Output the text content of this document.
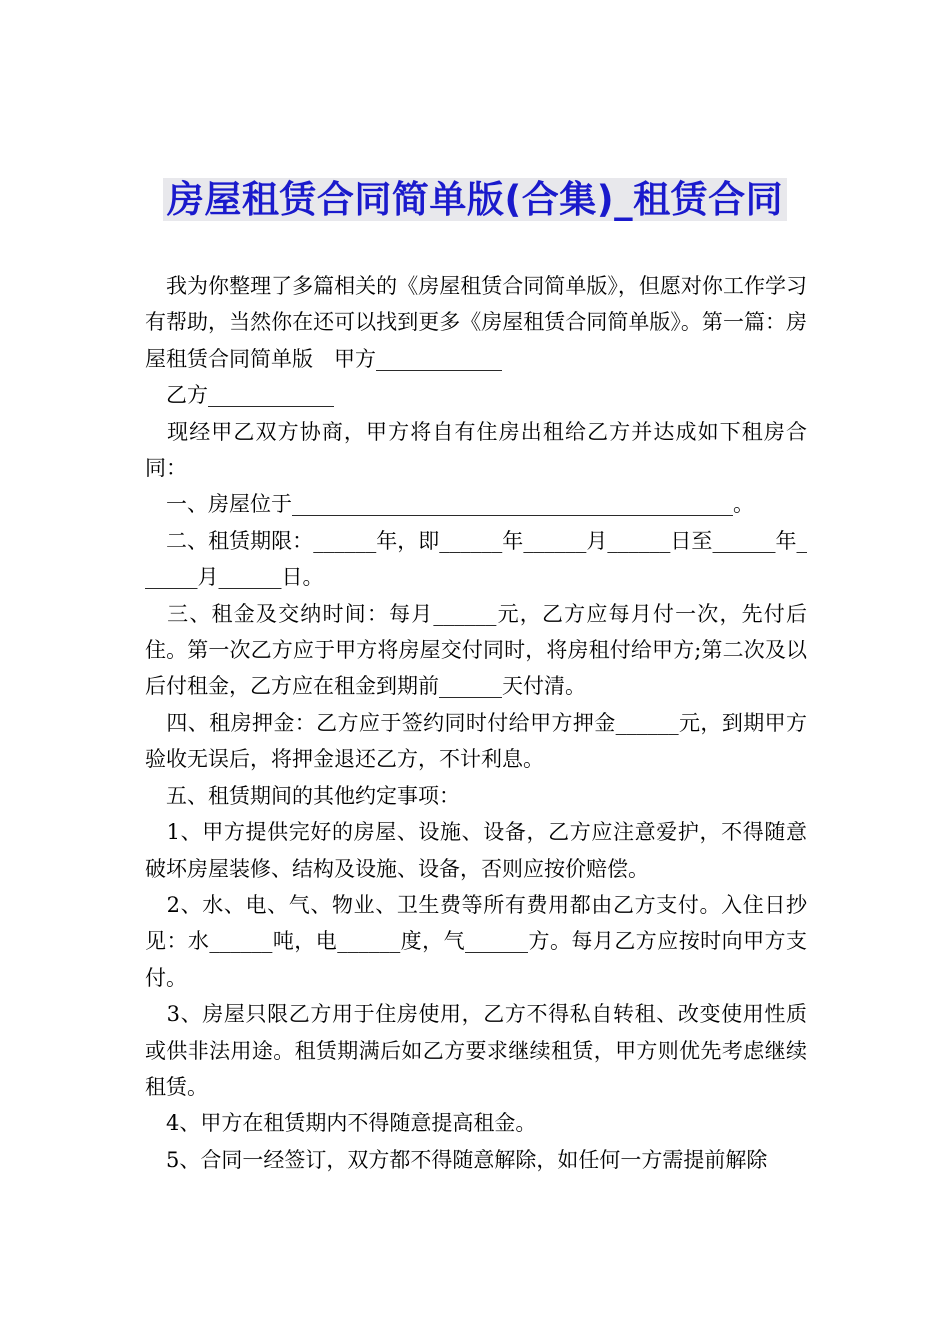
房屋租赁合同简单版(合集)_租赁合同

　我为你整理了多篇相关的《房屋租赁合同简单版》，但愿对你工作学习有帮助，当然你在还可以找到更多《房屋租赁合同简单版》。第一篇：房屋租赁合同简单版　甲方____________

　乙方____________

　现经甲乙双方协商，甲方将自有住房出租给乙方并达成如下租房合同：

　一、房屋位于__________________________________________。

　二、租赁期限：______年，即______年______月______日至______年______月______日。

　三、租金及交纳时间：每月______元，乙方应每月付一次，先付后住。第一次乙方应于甲方将房屋交付同时，将房租付给甲方;第二次及以后付租金，乙方应在租金到期前______天付清。

　四、租房押金：乙方应于签约同时付给甲方押金______元，到期甲方验收无误后，将押金退还乙方，不计利息。

　五、租赁期间的其他约定事项：

　1、甲方提供完好的房屋、设施、设备，乙方应注意爱护，不得随意破坏房屋装修、结构及设施、设备，否则应按价赔偿。

　2、水、电、气、物业、卫生费等所有费用都由乙方支付。入住日抄见：水______吨，电______度，气______方。每月乙方应按时向甲方支付。

　3、房屋只限乙方用于住房使用，乙方不得私自转租、改变使用性质或供非法用途。租赁期满后如乙方要求继续租赁，甲方则优先考虑继续租赁。

　4、甲方在租赁期内不得随意提高租金。

　5、合同一经签订，双方都不得随意解除，如任何一方需提前解除
